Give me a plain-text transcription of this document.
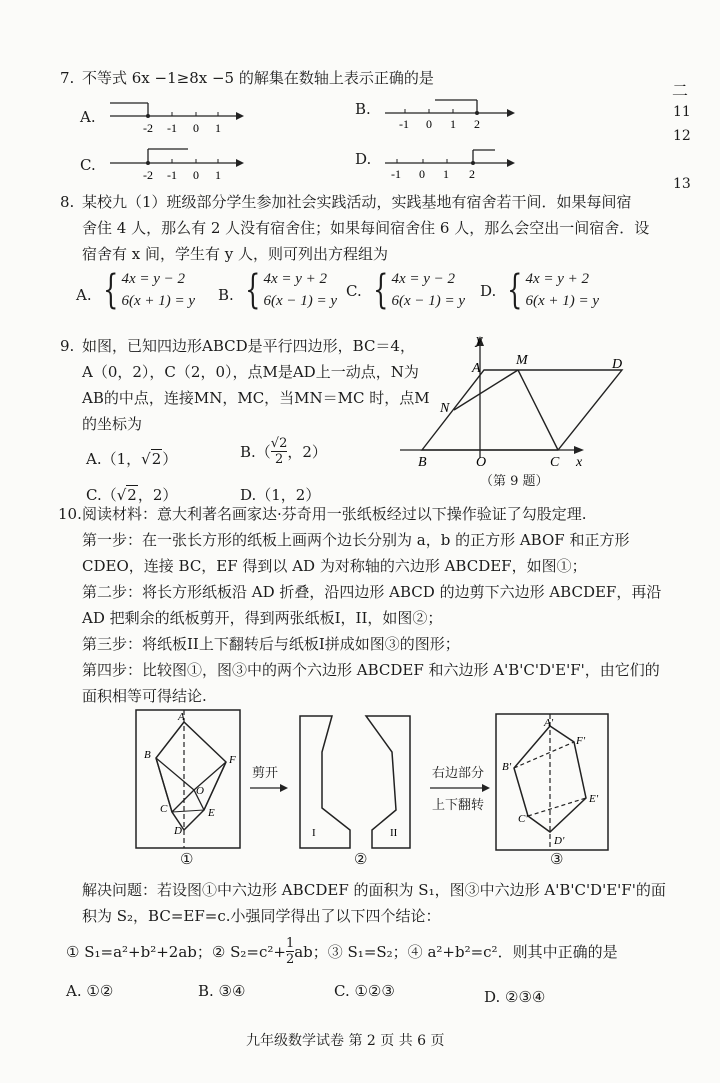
二
11
12
13
7. 不等式 6x −1≥8x −5 的解集在数轴上表示正确的是
A.
-2 -1 0 1
B.
-1 0 1 2
C.
-2 -1 0 1
D.
-1 0 1 2
8. 某校九（1）班级部分学生参加社会实践活动，实践基地有宿舍若干间．如果每间宿
舍住 4 人，那么有 2 人没有宿舍住；如果每间宿舍住 6 人，那么会空出一间宿舍．设
宿舍有 x 间，学生有 y 人，则可列出方程组为
A. { 4x = y − 2
6(x + 1) = y B. { 4x = y + 2
6(x − 1) = y
C. { 4x = y − 2
6(x − 1) = y
D. { 4x = y + 2
6(x + 1) = y
9. 如图，已知四边形ABCD是平行四边形，BC＝4，
A（0，2），C（2，0），点M是AD上一动点，N为
AB的中点，连接MN，MC，当MN＝MC 时，点M
的坐标为
A.（1，√2）	$B.( \frac{√2}{2}$ ，2）
C.（√2，2）	D.（1，2）
y
A
M	D
N
B	O	C x
（第 9 题）
10. 阅读材料：意大利著名画家达·芬奇用一张纸板经过以下操作验证了勾股定理.
第一步：在一张长方形的纸板上画两个边长分别为 a，b 的正方形 ABOF 和正方形
CDEO，连接 BC，EF 得到以 AD 为对称轴的六边形 ABCDEF，如图①；
第二步：将长方形纸板沿 AD 折叠，沿四边形 ABCD 的边剪下六边形 ABCDEF，再沿
AD 把剩余的纸板剪开，得到两张纸板I，II，如图②；
第三步：将纸板II上下翻转后与纸板I拼成如图③的图形；
第四步：比较图①，图③中的两个六边形 ABCDEF 和六边形 A'B'C'D'E'F'，由它们的
面积相等可得结论.
A
B	F
C
O
E
D
①
剪开
I	II
②
右边部分
上下翻转
A'
F'
B'
E'
C'
D'
③
解决问题：若设图①中六边形 ABCDEF 的面积为 S₁，图③中六边形 A'B'C'D'E'F'的面
积为 S₂，BC=EF=c.小强同学得出了以下四个结论：
① S₁=a²+b²+2ab；② $S_2=c^2+ \frac{1}{2}$ ab；③ S₁=S₂；④ a²+b²=c²．则其中正确的是
A. ①②	B. ③④	C. ①②③	D. ②③④
九年级数学试卷 第 2 页 共 6 页
